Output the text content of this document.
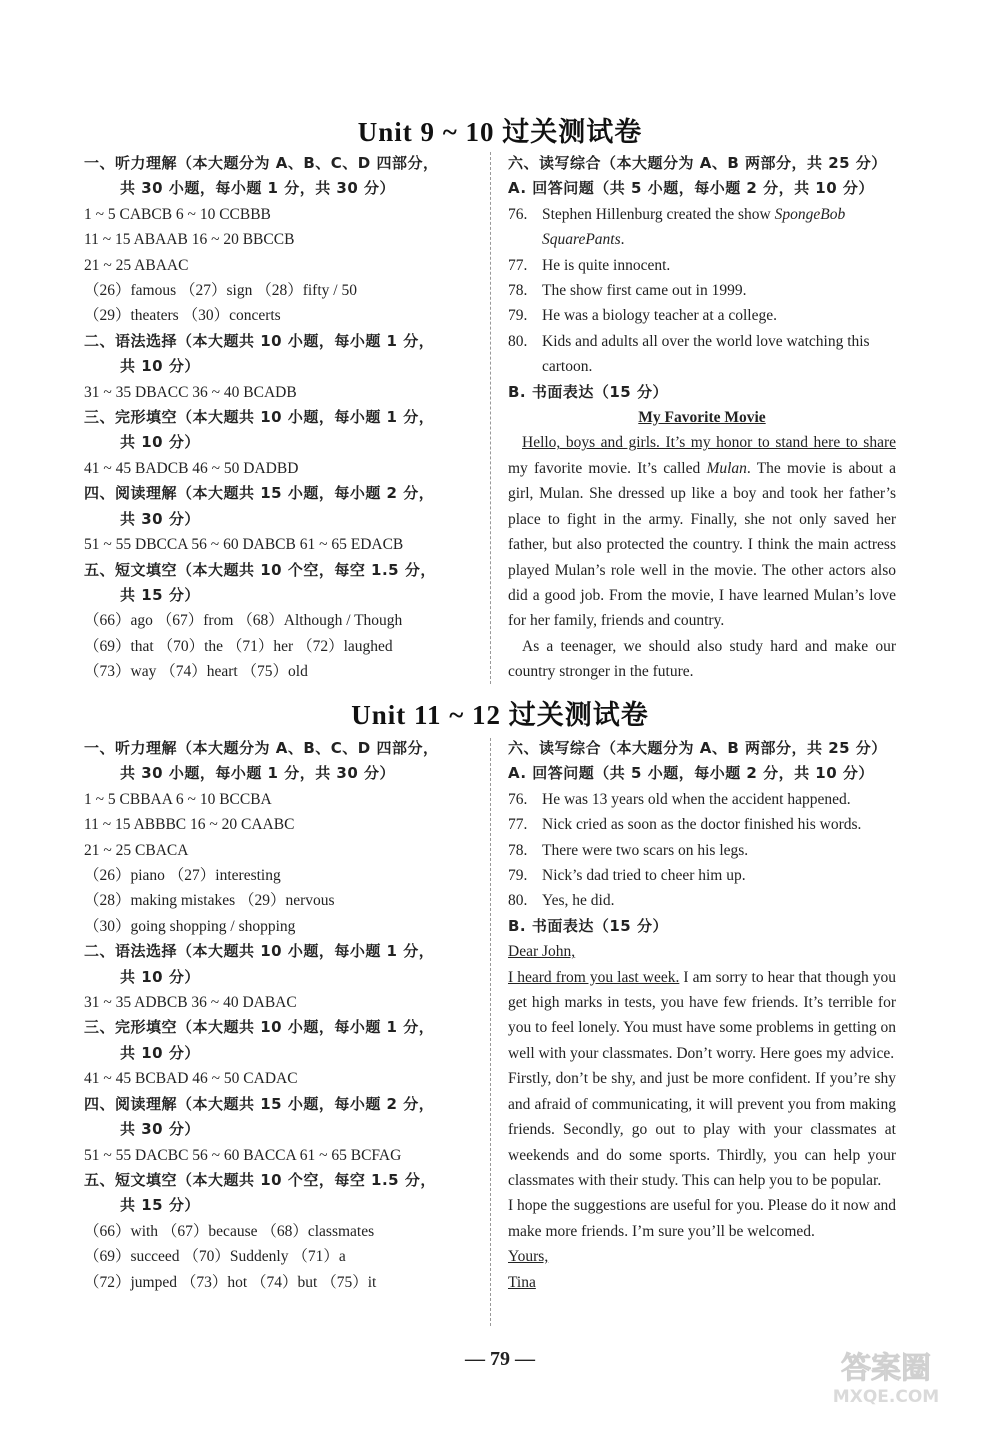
Unit 9 ~ 10 过关测试卷
一、听力理解（本大题分为 A、B、C、D 四部分，
共 30 小题，每小题 1 分，共 30 分）
1 ~ 5 CABCB 6 ~ 10 CCBBB
11 ~ 15 ABAAB 16 ~ 20 BBCCB
21 ~ 25 ABAAC
（26）famous （27）sign （28）fifty / 50
（29）theaters （30）concerts
二、语法选择（本大题共 10 小题，每小题 1 分，
共 10 分）
31 ~ 35 DBACC 36 ~ 40 BCADB
三、完形填空（本大题共 10 小题，每小题 1 分，
共 10 分）
41 ~ 45 BADCB 46 ~ 50 DADBD
四、阅读理解（本大题共 15 小题，每小题 2 分，
共 30 分）
51 ~ 55 DBCCA 56 ~ 60 DABCB 61 ~ 65 EDACB
五、短文填空（本大题共 10 个空，每空 1.5 分，
共 15 分）
（66）ago （67）from （68）Although / Though
（69）that （70）the （71）her （72）laughed
（73）way （74）heart （75）old
六、读写综合（本大题分为 A、B 两部分，共 25 分）
A. 回答问题（共 5 小题，每小题 2 分，共 10 分）
76. Stephen Hillenburg created the show SpongeBob SquarePants.
77. He is quite innocent.
78. The show first came out in 1999.
79. He was a biology teacher at a college.
80. Kids and adults all over the world love watching this cartoon.
B. 书面表达（15 分）
My Favorite Movie

Hello, boys and girls. It’s my honor to stand here to share my favorite movie. It’s called Mulan. The movie is about a girl, Mulan. She dressed up like a boy and took her father’s place to fight in the army. Finally, she not only saved her father, but also protected the country. I think the main actress played Mulan’s role well in the movie. The other actors also did a good job. From the movie, I have learned Mulan’s love for her family, friends and country.

As a teenager, we should also study hard and make our country stronger in the future.

Unit 11 ~ 12 过关测试卷
一、听力理解（本大题分为 A、B、C、D 四部分，
共 30 小题，每小题 1 分，共 30 分）
1 ~ 5 CBBAA 6 ~ 10 BCCBA
11 ~ 15 ABBBC 16 ~ 20 CAABC
21 ~ 25 CBACA
（26）piano （27）interesting
（28）making mistakes （29）nervous
（30）going shopping / shopping
二、语法选择（本大题共 10 小题，每小题 1 分，
共 10 分）
31 ~ 35 ADBCB 36 ~ 40 DABAC
三、完形填空（本大题共 10 小题，每小题 1 分，
共 10 分）
41 ~ 45 BCBAD 46 ~ 50 CADAC
四、阅读理解（本大题共 15 小题，每小题 2 分，
共 30 分）
51 ~ 55 DACBC 56 ~ 60 BACCA 61 ~ 65 BCFAG
五、短文填空（本大题共 10 个空，每空 1.5 分，
共 15 分）
（66）with （67）because （68）classmates
（69）succeed （70）Suddenly （71）a
（72）jumped （73）hot （74）but （75）it
六、读写综合（本大题分为 A、B 两部分，共 25 分）
A. 回答问题（共 5 小题，每小题 2 分，共 10 分）
76. He was 13 years old when the accident happened.
77. Nick cried as soon as the doctor finished his words.
78. There were two scars on his legs.
79. Nick’s dad tried to cheer him up.
80. Yes, he did.
B. 书面表达（15 分）
Dear John,

I heard from you last week. I am sorry to hear that though you get high marks in tests, you have few friends. It’s terrible for you to feel lonely. You must have some problems in getting on well with your classmates. Don’t worry. Here goes my advice.

Firstly, don’t be shy, and just be more confident. If you’re shy and afraid of communicating, it will prevent you from making friends. Secondly, go out to play with your classmates at weekends and do some sports. Thirdly, you can help your classmates with their study. This can help you to be popular.

I hope the suggestions are useful for you. Please do it now and make more friends. I’m sure you’ll be welcomed.

Yours,
Tina
— 79 —	答案圈
MXQE.COM
